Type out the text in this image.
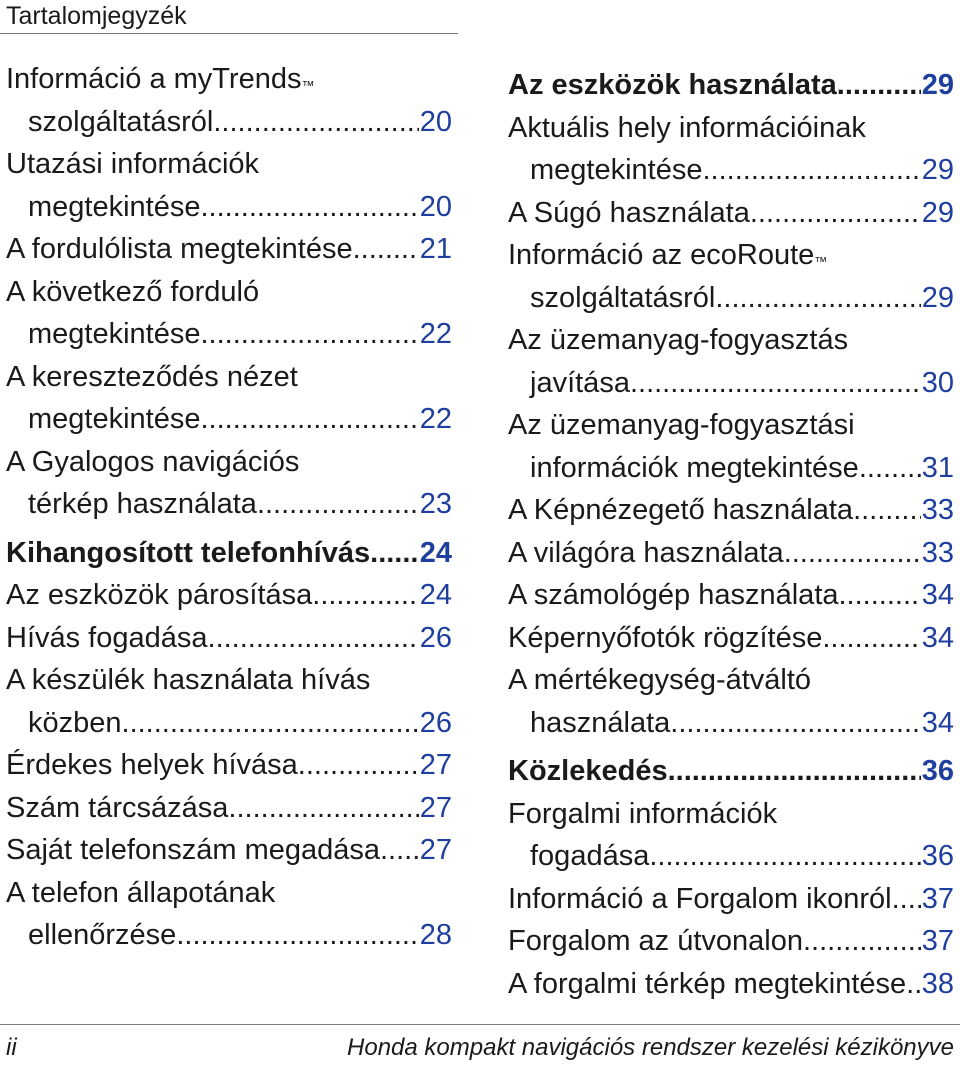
Tartalomjegyzék
Információ a myTrends™
szolgáltatásról .....	20
Utazási információk
megtekintése .....	20
A fordulólista megtekintése ..... 21
A következő forduló
megtekintése .....	22
A kereszteződés nézet
megtekintése .....	22
A Gyalogos navigációs
térkép használata .....	23
Kihangosított telefonhívás ..... 24
Az eszközök párosítása .....	24
Hívás fogadása .....	26
A készülék használata hívás
közben .....	26
Érdekes helyek hívása .....	27
Szám tárcsázása .....	27
Saját telefonszám megadása ..... 27
A telefon állapotának
ellenőrzése .....	28
Az eszközök használata .....	29
Aktuális hely információinak
megtekintése .....	29
A Súgó használata .....	29
Információ az ecoRoute™
szolgáltatásról .....	29
Az üzemanyag-fogyasztás
javítása .....	30
Az üzemanyag-fogyasztási
információk megtekintése ..... 31
A Képnézegető használata ..... 33
A világóra használata .....	33
A számológép használata .....	34
Képernyőfotók rögzítése .....	34
A mértékegység-átváltó
használata .....	34
Közlekedés .....	36
Forgalmi információk
fogadása .....	36
Információ a Forgalom ikonról ..... 37
Forgalom az útvonalon .....	37
A forgalmi térkép megtekintése ..... 38
ii	Honda kompakt navigációs rendszer kezelési kézikönyve
